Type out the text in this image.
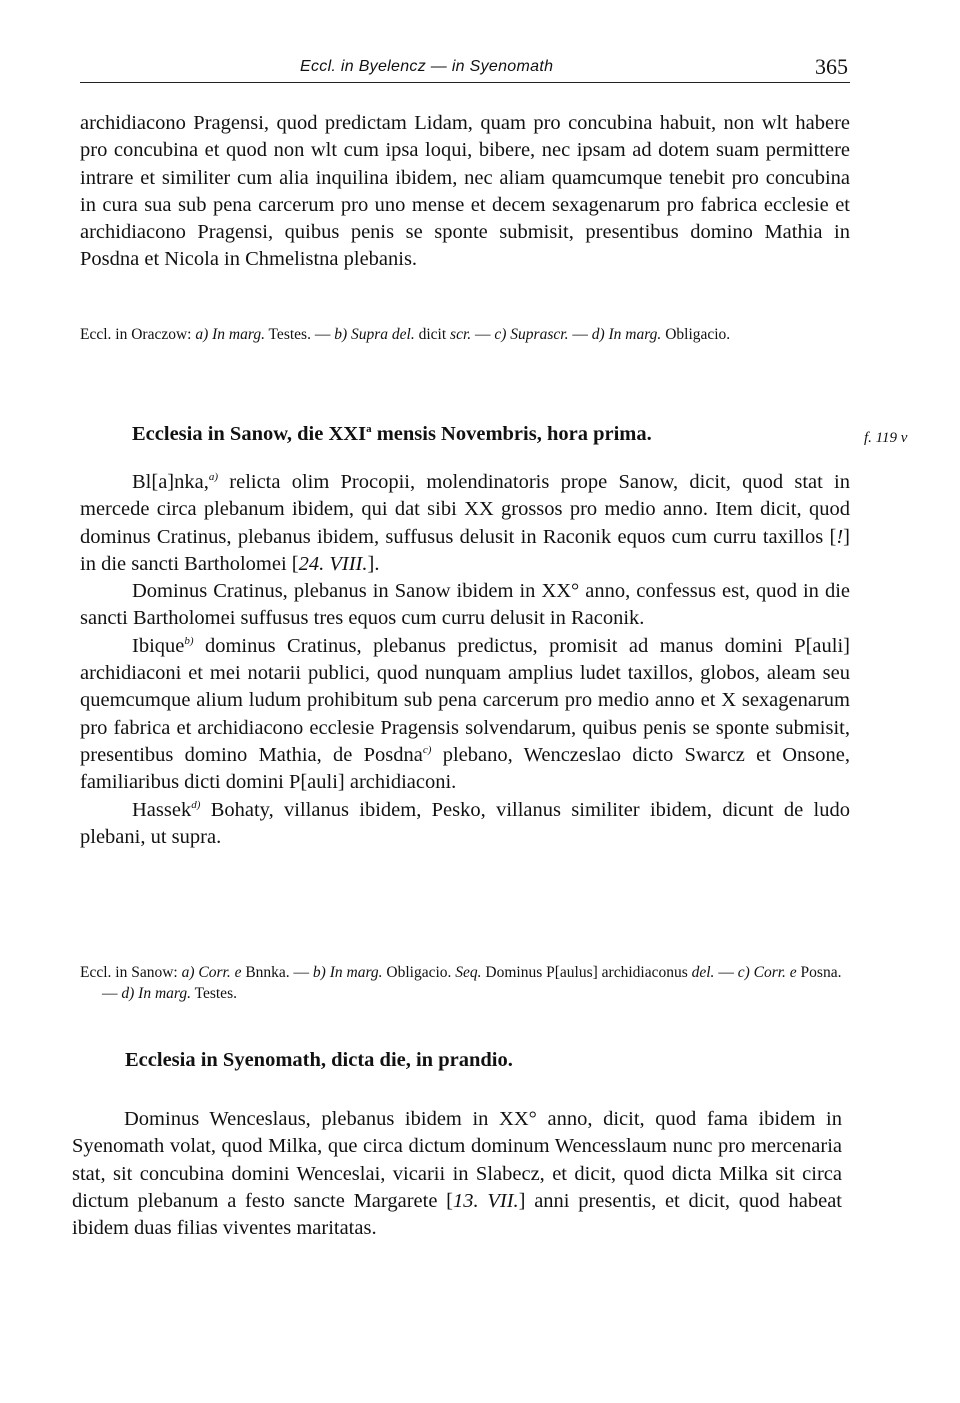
Eccl. in Byelencz — in Syenomath	365

archidiacono Pragensi, quod predictam Lidam, quam pro concubina habuit, non wlt habere pro concubina et quod non wlt cum ipsa loqui, bibere, nec ipsam ad dotem suam permittere intrare et similiter cum alia inquilina ibidem, nec aliam quamcumque tenebit pro concubina in cura sua sub pena carcerum pro uno mense et decem sexagenarum pro fabrica ecclesie et archidiacono Pragensi, quibus penis se sponte submisit, presentibus domino Mathia in Posdna et Nicola in Chmelistna plebanis.

Eccl. in Oraczow: a) In marg. Testes. — b) Supra del. dicit scr. — c) Suprascr. — d) In marg. Obligacio.

Ecclesia in Sanow, die XXI$^a$ mensis Novembris, hora prima.	f. 119 v

Bl[a]nka,$^{a)}$ relicta olim Procopii, molendinatoris prope Sanow, dicit, quod stat in mercede circa plebanum ibidem, qui dat sibi XX grossos pro medio anno. Item dicit, quod dominus Cratinus, plebanus ibidem, suffusus delusit in Raconik equos cum curru taxillos [!] in die sancti Bartholomei [24. VIII.].

Dominus Cratinus, plebanus in Sanow ibidem in XX° anno, confessus est, quod in die sancti Bartholomei suffusus tres equos cum curru delusit in Raconik.

Ibique$^{b)}$ dominus Cratinus, plebanus predictus, promisit ad manus domini P[auli] archidiaconi et mei notarii publici, quod nunquam amplius ludet taxillos, globos, aleam seu quemcumque alium ludum prohibitum sub pena carcerum pro medio anno et X sexagenarum pro fabrica et archidiacono ecclesie Pragensis solvendarum, quibus penis se sponte submisit, presentibus domino Mathia, de Posdna$^{c)}$ plebano, Wenczeslao dicto Swarcz et Onsone, familiaribus dicti domini P[auli] archidiaconi.

Hassek$^{d)}$ Bohaty, villanus ibidem, Pesko, villanus similiter ibidem, dicunt de ludo plebani, ut supra.

Eccl. in Sanow: a) Corr. e Bnnka. — b) In marg. Obligacio. Seq. Dominus P[aulus] archidiaconus del. — c) Corr. e Posna. — d) In marg. Testes.

Ecclesia in Syenomath, dicta die, in prandio.

Dominus Wenceslaus, plebanus ibidem in XX° anno, dicit, quod fama ibidem in Syenomath volat, quod Milka, que circa dictum dominum Wencesslaum nunc pro mercenaria stat, sit concubina domini Wenceslai, vicarii in Slabecz, et dicit, quod dicta Milka sit circa dictum plebanum a festo sancte Margarete [13. VII.] anni presentis, et dicit, quod habeat ibidem duas filias viventes maritatas.
